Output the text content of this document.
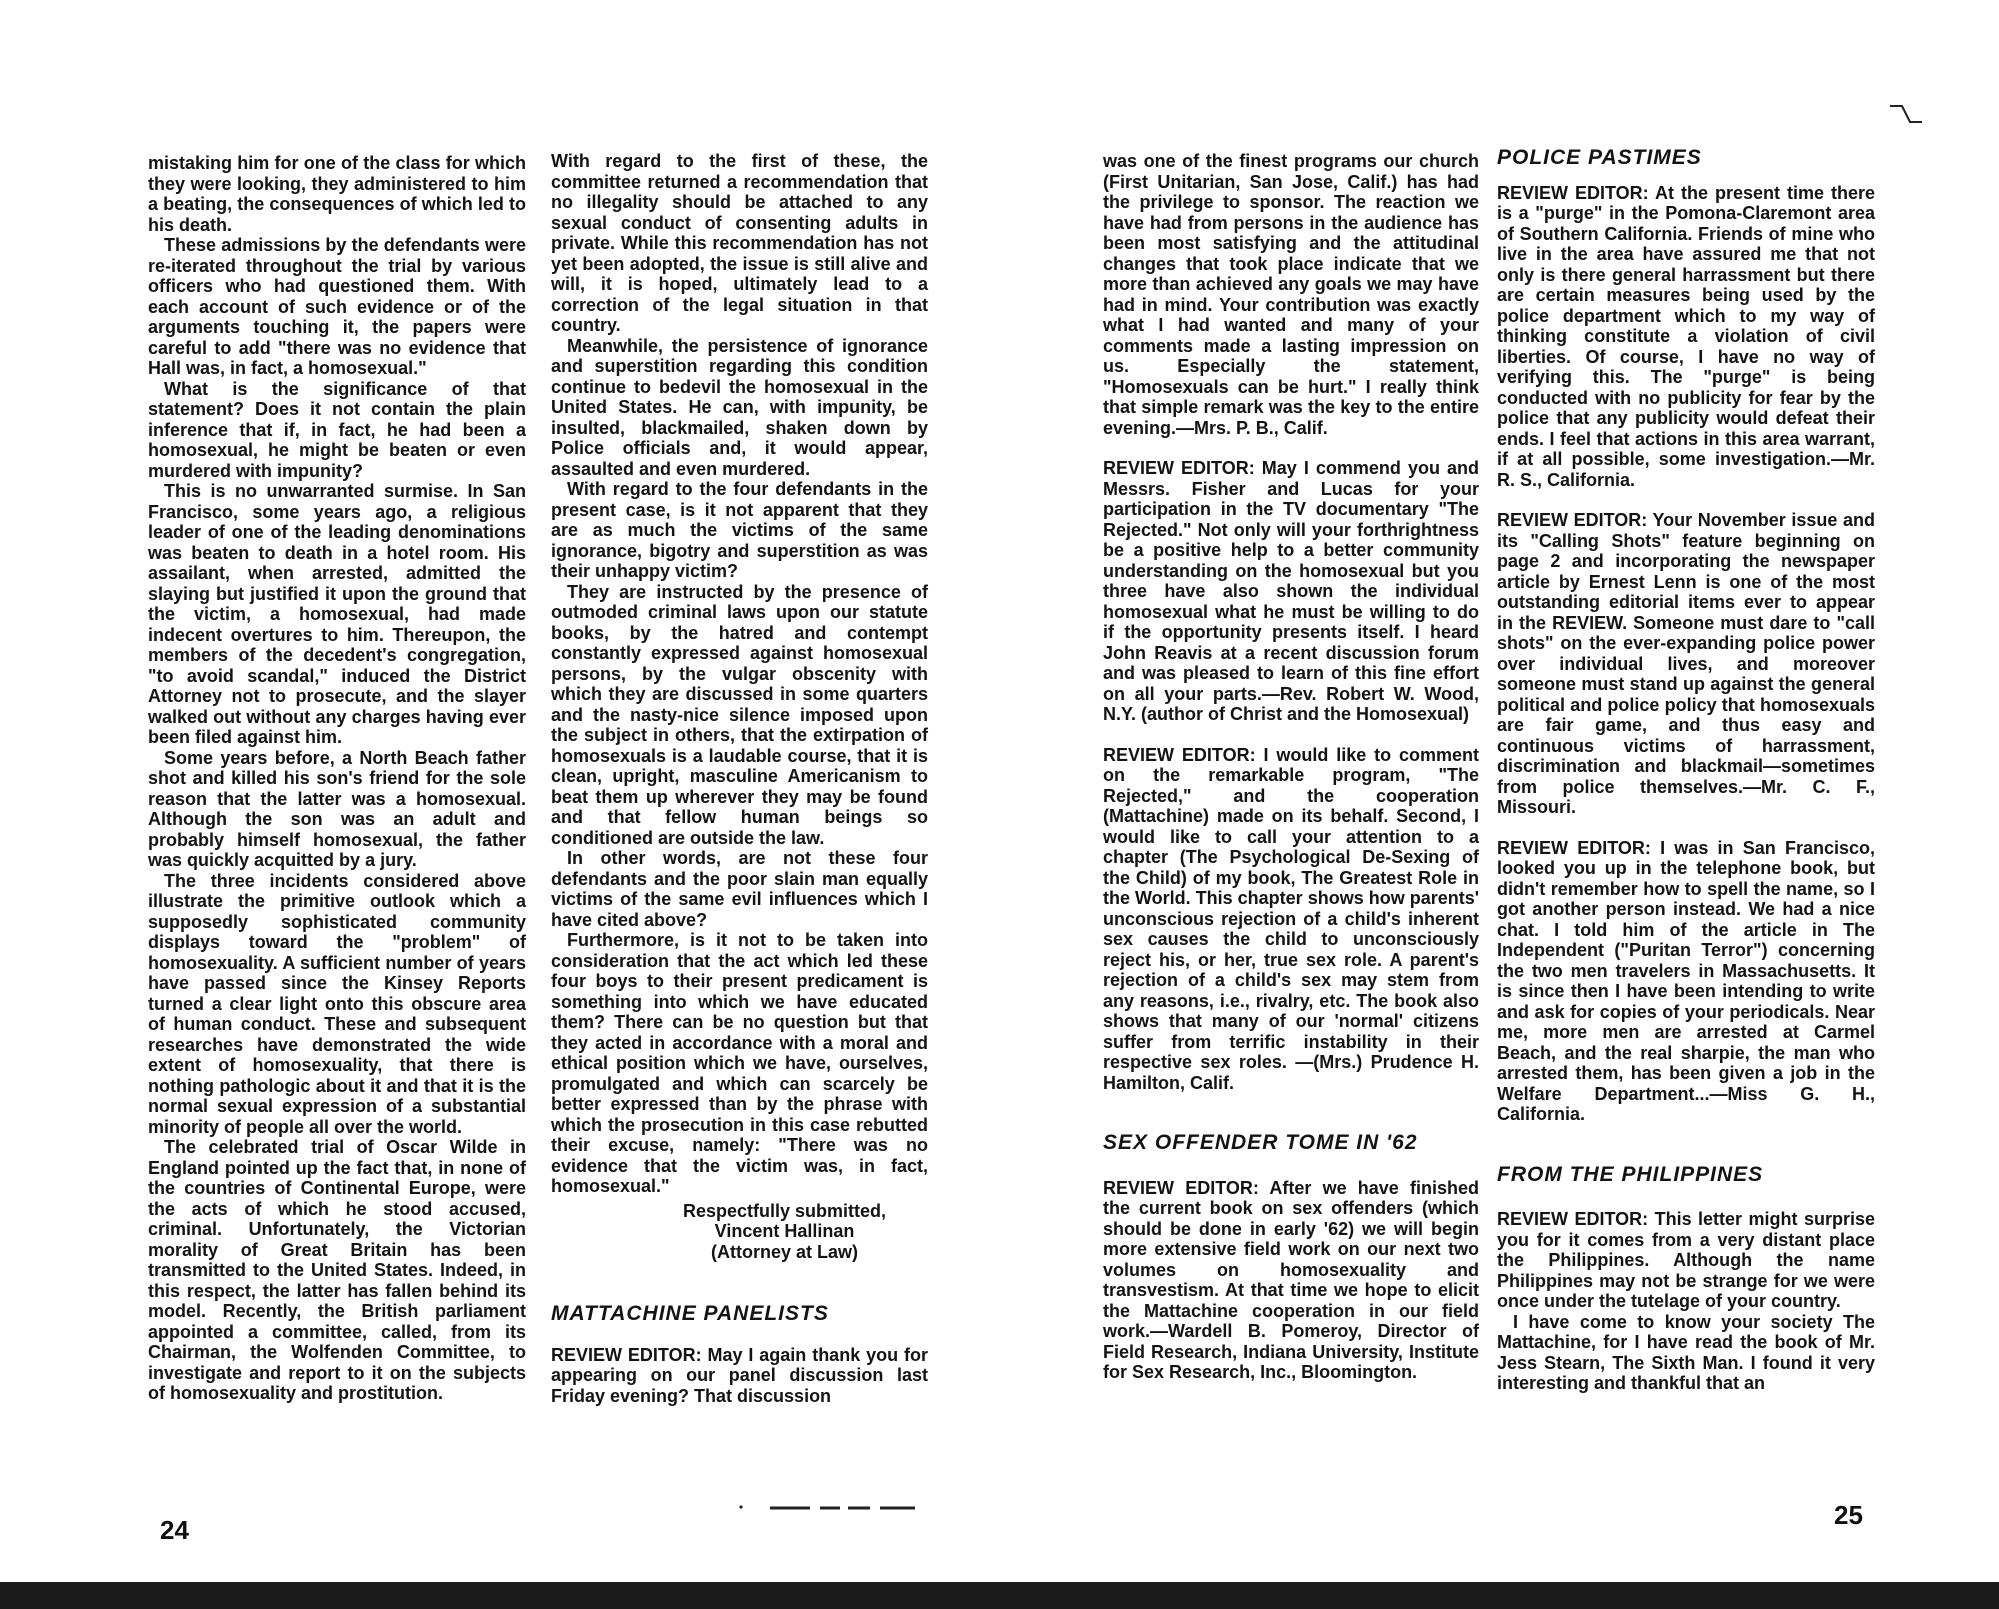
mistaking him for one of the class for which they were looking, they administered to him a beating, the consequences of which led to his death.

These admissions by the defendants were re-iterated throughout the trial by various officers who had questioned them. With each account of such evidence or of the arguments touching it, the papers were careful to add "there was no evidence that Hall was, in fact, a homosexual."

What is the significance of that statement? Does it not contain the plain inference that if, in fact, he had been a homosexual, he might be beaten or even murdered with impunity?

This is no unwarranted surmise. In San Francisco, some years ago, a religious leader of one of the leading denominations was beaten to death in a hotel room. His assailant, when arrested, admitted the slaying but justified it upon the ground that the victim, a homosexual, had made indecent overtures to him. Thereupon, the members of the decedent's congregation, "to avoid scandal," induced the District Attorney not to prosecute, and the slayer walked out without any charges having ever been filed against him.

Some years before, a North Beach father shot and killed his son's friend for the sole reason that the latter was a homosexual. Although the son was an adult and probably himself homosexual, the father was quickly acquitted by a jury.

The three incidents considered above illustrate the primitive outlook which a supposedly sophisticated community displays toward the "problem" of homosexuality. A sufficient number of years have passed since the Kinsey Reports turned a clear light onto this obscure area of human conduct. These and subsequent researches have demonstrated the wide extent of homosexuality, that there is nothing pathologic about it and that it is the normal sexual expression of a substantial minority of people all over the world.

The celebrated trial of Oscar Wilde in England pointed up the fact that, in none of the countries of Continental Europe, were the acts of which he stood accused, criminal. Unfortunately, the Victorian morality of Great Britain has been transmitted to the United States. Indeed, in this respect, the latter has fallen behind its model. Recently, the British parliament appointed a committee, called, from its Chairman, the Wolfenden Committee, to investigate and report to it on the subjects of homosexuality and prostitution.

With regard to the first of these, the committee returned a recommendation that no illegality should be attached to any sexual conduct of consenting adults in private. While this recommendation has not yet been adopted, the issue is still alive and will, it is hoped, ultimately lead to a correction of the legal situation in that country.

Meanwhile, the persistence of ignorance and superstition regarding this condition continue to bedevil the homosexual in the United States. He can, with impunity, be insulted, blackmailed, shaken down by Police officials and, it would appear, assaulted and even murdered.

With regard to the four defendants in the present case, is it not apparent that they are as much the victims of the same ignorance, bigotry and superstition as was their unhappy victim?

They are instructed by the presence of outmoded criminal laws upon our statute books, by the hatred and contempt constantly expressed against homosexual persons, by the vulgar obscenity with which they are discussed in some quarters and the nasty-nice silence imposed upon the subject in others, that the extirpation of homosexuals is a laudable course, that it is clean, upright, masculine Americanism to beat them up wherever they may be found and that fellow human beings so conditioned are outside the law.

In other words, are not these four defendants and the poor slain man equally victims of the same evil influences which I have cited above?

Furthermore, is it not to be taken into consideration that the act which led these four boys to their present predicament is something into which we have educated them? There can be no question but that they acted in accordance with a moral and ethical position which we have, ourselves, promulgated and which can scarcely be better expressed than by the phrase with which the prosecution in this case rebutted their excuse, namely: "There was no evidence that the victim was, in fact, homosexual."

Respectfully submitted,

Vincent Hallinan

(Attorney at Law)

MATTACHINE PANELISTS

REVIEW EDITOR: May I again thank you for appearing on our panel discussion last Friday evening? That discussion

24

was one of the finest programs our church (First Unitarian, San Jose, Calif.) has had the privilege to sponsor. The reaction we have had from persons in the audience has been most satisfying and the attitudinal changes that took place indicate that we more than achieved any goals we may have had in mind. Your contribution was exactly what I had wanted and many of your comments made a lasting impression on us. Especially the statement, "Homosexuals can be hurt." I really think that simple remark was the key to the entire evening.—Mrs. P. B., Calif.

REVIEW EDITOR: May I commend you and Messrs. Fisher and Lucas for your participation in the TV documentary "The Rejected." Not only will your forthrightness be a positive help to a better community understanding on the homosexual but you three have also shown the individual homosexual what he must be willing to do if the opportunity presents itself. I heard John Reavis at a recent discussion forum and was pleased to learn of this fine effort on all your parts.—Rev. Robert W. Wood, N.Y. (author of Christ and the Homosexual)

REVIEW EDITOR: I would like to comment on the remarkable program, "The Rejected," and the cooperation (Mattachine) made on its behalf. Second, I would like to call your attention to a chapter (The Psychological De-Sexing of the Child) of my book, The Greatest Role in the World. This chapter shows how parents' unconscious rejection of a child's inherent sex causes the child to unconsciously reject his, or her, true sex role. A parent's rejection of a child's sex may stem from any reasons, i.e., rivalry, etc. The book also shows that many of our 'normal' citizens suffer from terrific instability in their respective sex roles. —(Mrs.) Prudence H. Hamilton, Calif.

SEX OFFENDER TOME IN '62

REVIEW EDITOR: After we have finished the current book on sex offenders (which should be done in early '62) we will begin more extensive field work on our next two volumes on homosexuality and transvestism. At that time we hope to elicit the Mattachine cooperation in our field work.—Wardell B. Pomeroy, Director of Field Research, Indiana University, Institute for Sex Research, Inc., Bloomington.

POLICE PASTIMES

REVIEW EDITOR: At the present time there is a "purge" in the Pomona-Claremont area of Southern California. Friends of mine who live in the area have assured me that not only is there general harrassment but there are certain measures being used by the police department which to my way of thinking constitute a violation of civil liberties. Of course, I have no way of verifying this. The "purge" is being conducted with no publicity for fear by the police that any publicity would defeat their ends. I feel that actions in this area warrant, if at all possible, some investigation.—Mr. R. S., California.

REVIEW EDITOR: Your November issue and its "Calling Shots" feature beginning on page 2 and incorporating the newspaper article by Ernest Lenn is one of the most outstanding editorial items ever to appear in the REVIEW. Someone must dare to "call shots" on the ever-expanding police power over individual lives, and moreover someone must stand up against the general political and police policy that homosexuals are fair game, and thus easy and continuous victims of harrassment, discrimination and blackmail—sometimes from police themselves.—Mr. C. F., Missouri.

REVIEW EDITOR: I was in San Francisco, looked you up in the telephone book, but didn't remember how to spell the name, so I got another person instead. We had a nice chat. I told him of the article in The Independent ("Puritan Terror") concerning the two men travelers in Massachusetts. It is since then I have been intending to write and ask for copies of your periodicals. Near me, more men are arrested at Carmel Beach, and the real sharpie, the man who arrested them, has been given a job in the Welfare Department...—Miss G. H., California.

FROM THE PHILIPPINES

REVIEW EDITOR: This letter might surprise you for it comes from a very distant place the Philippines. Although the name Philippines may not be strange for we were once under the tutelage of your country.

I have come to know your society The Mattachine, for I have read the book of Mr. Jess Stearn, The Sixth Man. I found it very interesting and thankful that an

25
